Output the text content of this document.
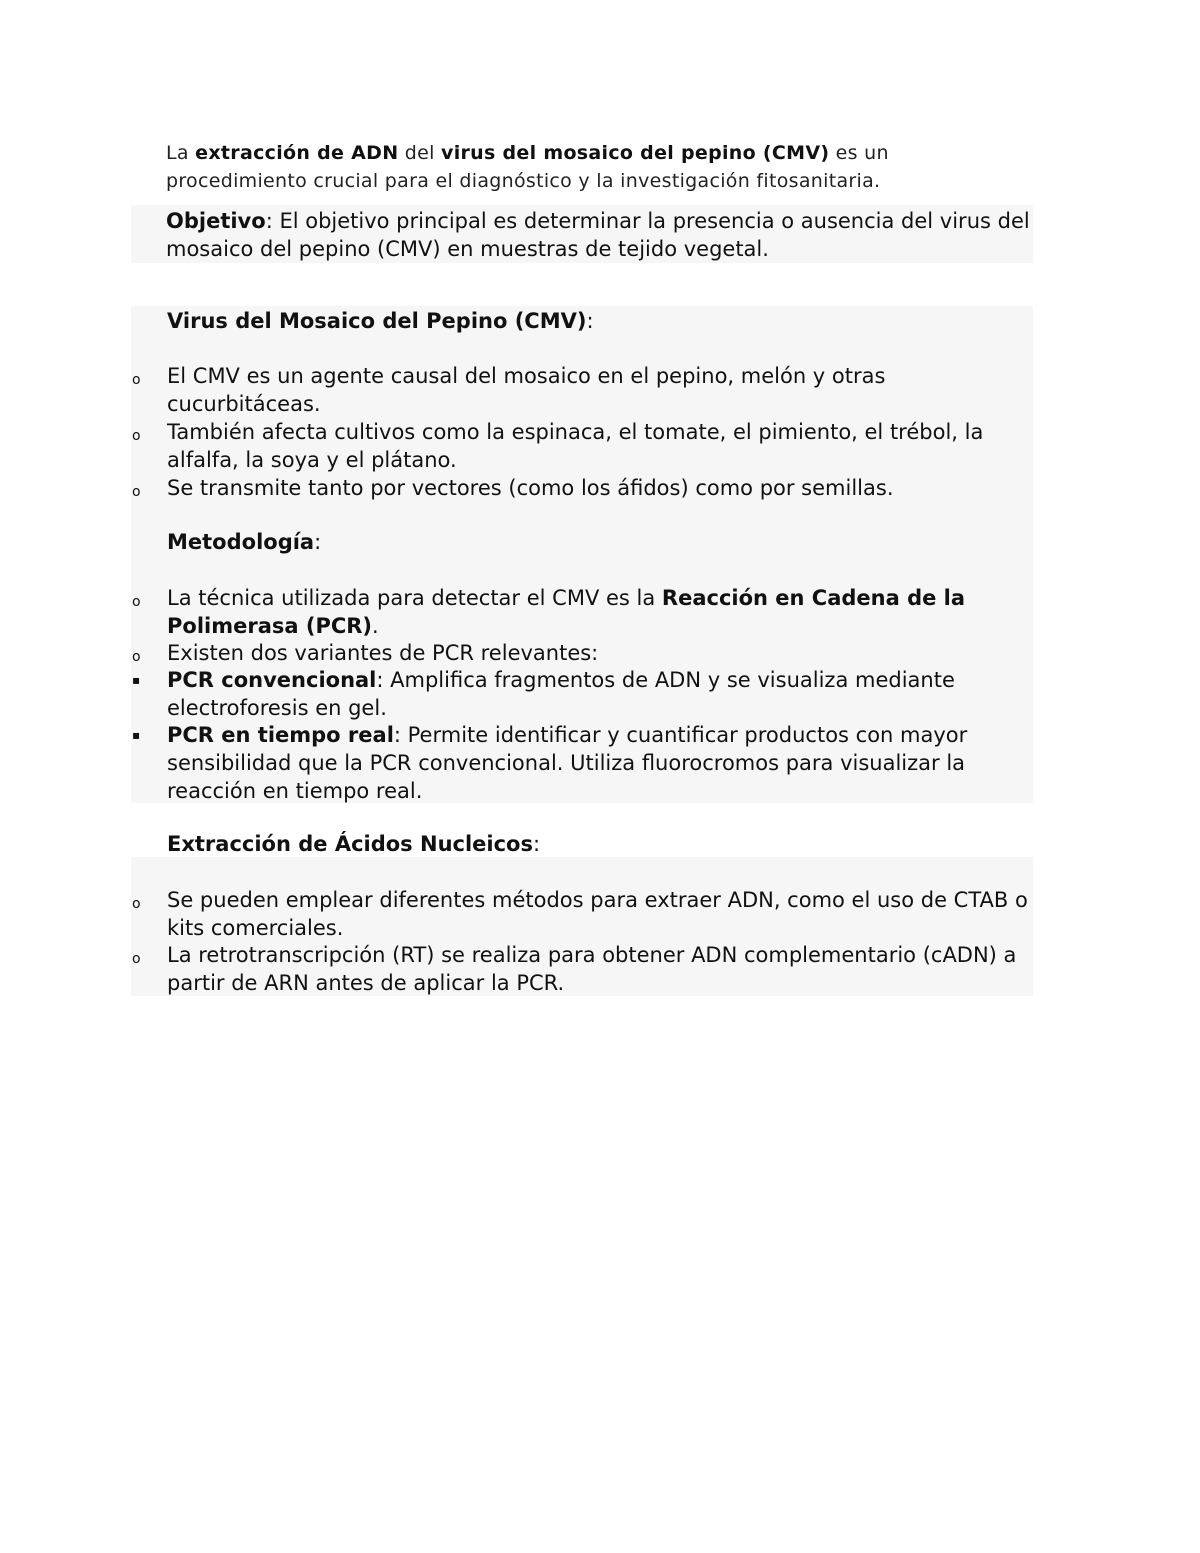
La extracción de ADN del virus del mosaico del pepino (CMV) es un procedimiento crucial para el diagnóstico y la investigación fitosanitaria.
Objetivo: El objetivo principal es determinar la presencia o ausencia del virus del mosaico del pepino (CMV) en muestras de tejido vegetal.
Virus del Mosaico del Pepino (CMV):
o El CMV es un agente causal del mosaico en el pepino, melón y otras cucurbitáceas.
o También afecta cultivos como la espinaca, el tomate, el pimiento, el trébol, la alfalfa, la soya y el plátano.
o Se transmite tanto por vectores (como los áfidos) como por semillas.
Metodología:
o La técnica utilizada para detectar el CMV es la Reacción en Cadena de la Polimerasa (PCR).
o Existen dos variantes de PCR relevantes:
▪ PCR convencional: Amplifica fragmentos de ADN y se visualiza mediante electroforesis en gel.
▪ PCR en tiempo real: Permite identificar y cuantificar productos con mayor sensibilidad que la PCR convencional. Utiliza fluorocromos para visualizar la reacción en tiempo real.
Extracción de Ácidos Nucleicos:
o Se pueden emplear diferentes métodos para extraer ADN, como el uso de CTAB o kits comerciales.
o La retrotranscripción (RT) se realiza para obtener ADN complementario (cADN) a partir de ARN antes de aplicar la PCR.
